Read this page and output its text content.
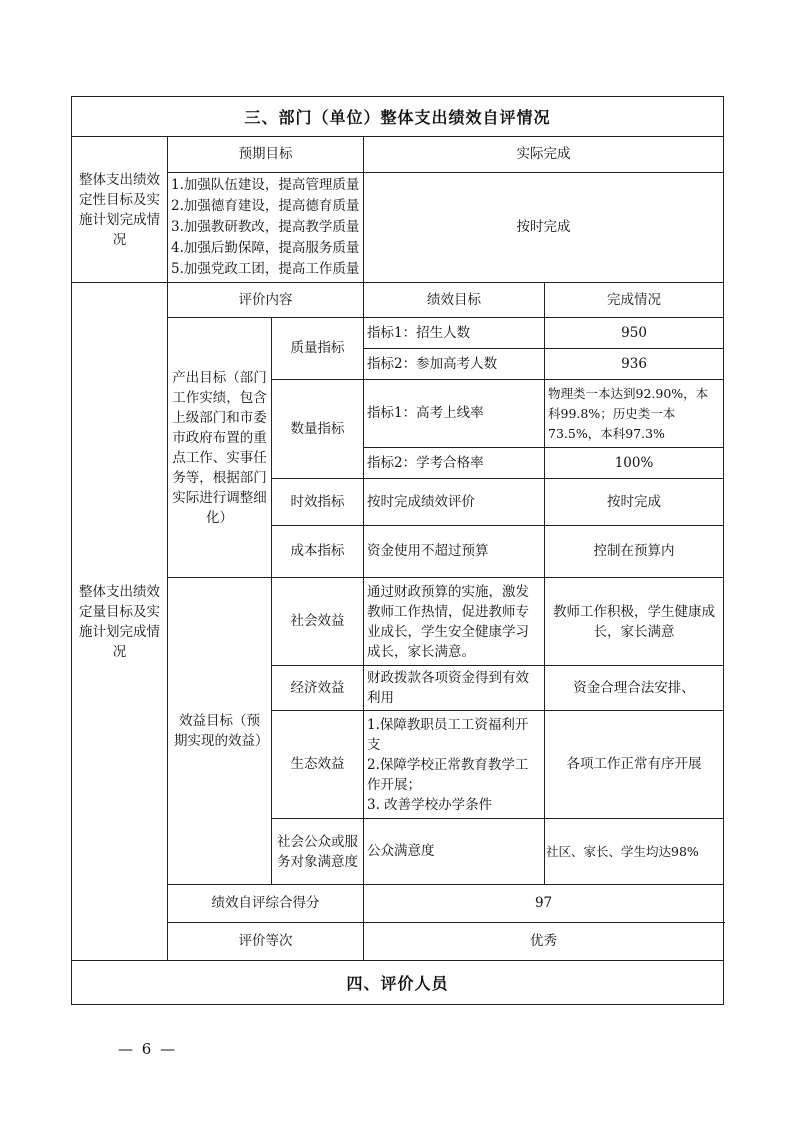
三、部门（单位）整体支出绩效自评情况				
整体支出绩效定性目标及实施计划完成情况	预期目标		实际完成	

	1.加强队伍建设，提高管理质量
2.加强德育建设，提高德育质量
3.加强教研教改，提高教学质量
4.加强后勤保障，提高服务质量
5.加强党政工团，提高工作质量		按时完成	
整体支出绩效定量目标及实施计划完成情况	评价内容		绩效目标	完成情况
	产出目标（部门工作实绩，包含上级部门和市委市政府布置的重点工作、实事任务等，根据部门实际进行调整细化）	质量指标	指标1：招生人数	950
			指标2：参加高考人数	936
		数量指标	指标1：高考上线率	物理类一本达到92.90%，本科99.8%；历史类一本73.5%，本科97.3%
			指标2：学考合格率	100%
		时效指标	按时完成绩效评价	按时完成
		成本指标	资金使用不超过预算	控制在预算内
	效益目标（预期实现的效益）	社会效益	通过财政预算的实施，激发教师工作热情，促进教师专业成长，学生安全健康学习成长，家长满意。	教师工作积极，学生健康成长，家长满意
		经济效益	财政拨款各项资金得到有效利用	资金合理合法安排、
		生态效益	1.保障教职员工工资福利开支
2.保障学校正常教育教学工作开展；
3. 改善学校办学条件	各项工作正常有序开展
		社会公众或服务对象满意度	公众满意度	社区、家长、学生均达98%
	绩效自评综合得分		97	
	评价等次		优秀	
四、评价人员				
— 6 —
